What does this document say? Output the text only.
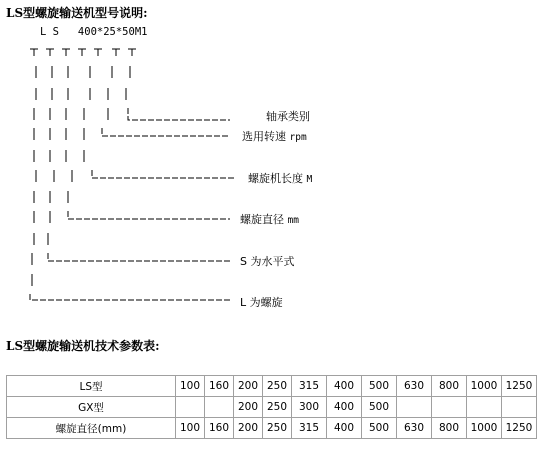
LS型螺旋输送机型号说明:
L S   400*25*50M1
轴承类别
选用转速 rpm
螺旋机长度 M
螺旋直径 mm
S 为水平式
L 为螺旋
LS型螺旋输送机技术参数表:
LS型	100	160	200	250	315	400	500	630	800	1000	1250
GX型			200	250	300	400	500				
螺旋直径(mm)	100	160	200	250	315	400	500	630	800	1000	1250
